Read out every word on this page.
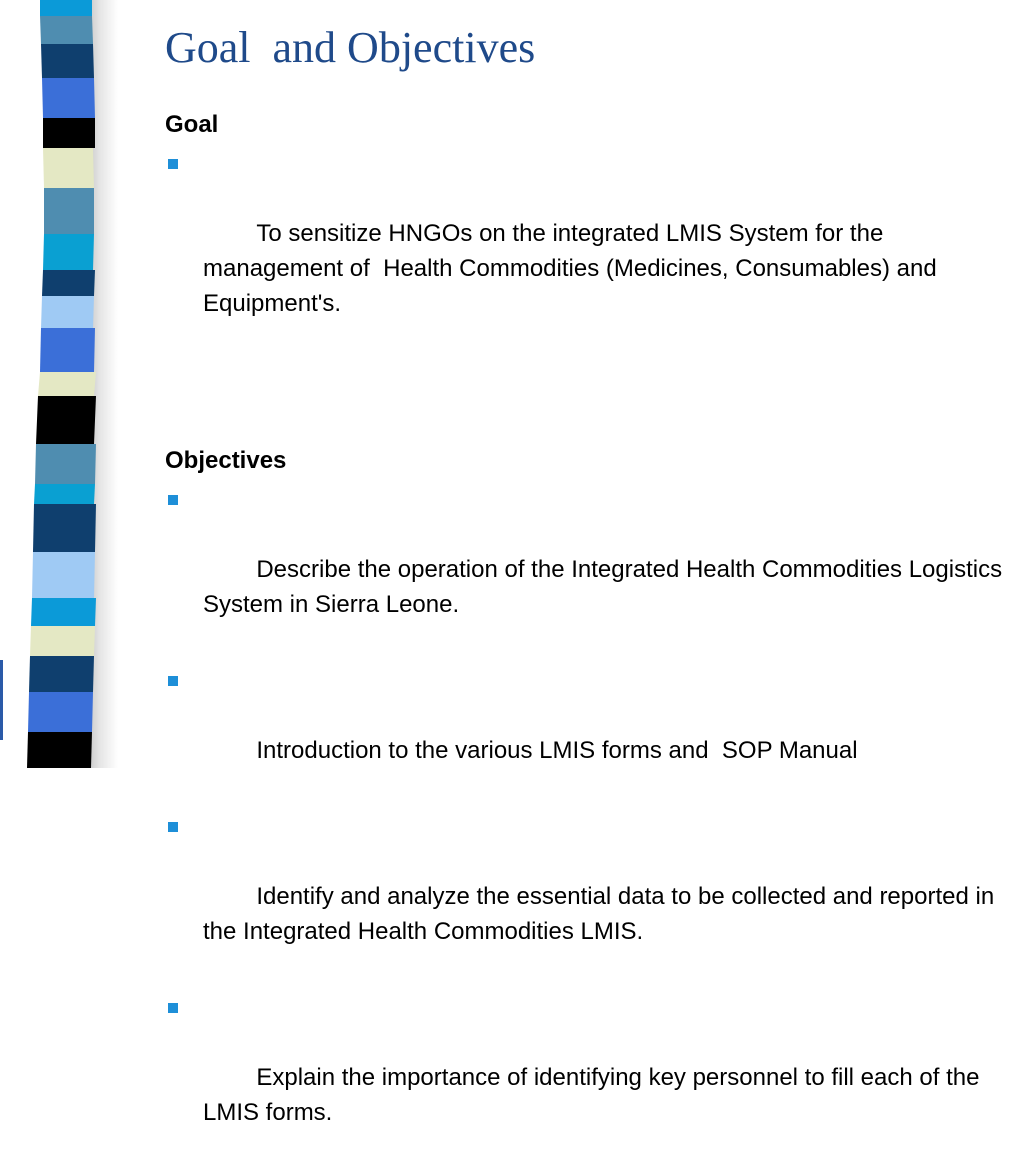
Goal  and Objectives
Goal

To sensitize HNGOs on the integrated LMIS System for the management of  Health Commodities (Medicines, Consumables) and Equipment's.

Objectives

Describe the operation of the Integrated Health Commodities Logistics System in Sierra Leone.

Introduction to the various LMIS forms and  SOP Manual

Identify and analyze the essential data to be collected and reported in the Integrated Health Commodities LMIS.

Explain the importance of identifying key personnel to fill each of the LMIS forms.
